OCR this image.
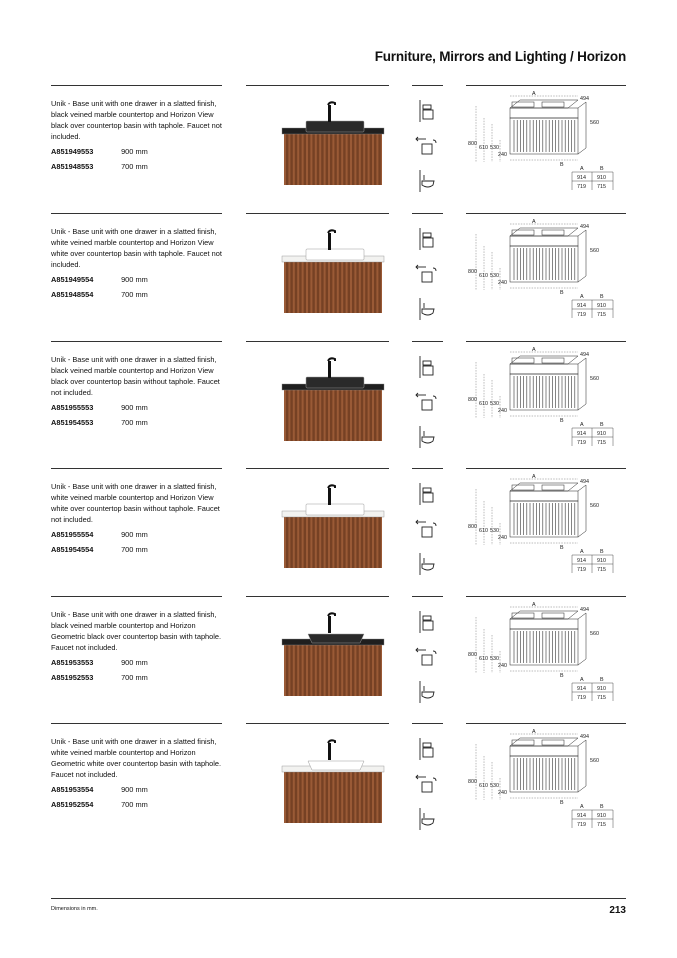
Furniture, Mirrors and Lighting / Horizon
Unik - Base unit with one drawer in a slatted finish, black veined marble countertop and Horizon View black over countertop basin with taphole. Faucet not included.
A851949553	900 mm
A851948553	700 mm
A
494
560
800
610 530
240
B
A	B
914 910
719 715
Unik - Base unit with one drawer in a slatted finish, white veined marble countertop and Horizon View white over countertop basin with taphole. Faucet not included.
A851949554	900 mm
A851948554	700 mm
A
494
560
800
610 530
240
B
A	B
914 910
719 715
Unik - Base unit with one drawer in a slatted finish, black veined marble countertop and Horizon View black over countertop basin without taphole. Faucet not included.
A851955553	900 mm
A851954553	700 mm
A
494
560
800
610 530
240
B
A	B
914 910
719 715
Unik - Base unit with one drawer in a slatted finish, white veined marble countertop and Horizon View white over countertop basin without taphole. Faucet not included.
A851955554	900 mm
A851954554	700 mm
A
494
560
800
610 530
240
B
A	B
914 910
719 715
Unik - Base unit with one drawer in a slatted finish, black veined marble countertop and Horizon Geometric black over countertop basin with taphole. Faucet not included.
A851953553	900 mm
A851952553	700 mm
A
494
560
800
610 530
240
B
A	B
914 910
719 715
Unik - Base unit with one drawer in a slatted finish, white veined marble countertop and Horizon Geometric white over countertop basin with taphole. Faucet not included.
A851953554	900 mm
A851952554	700 mm
A
494
560
800
610 530
240
B
A	B
914 910
719 715
Dimensions in mm.	213
